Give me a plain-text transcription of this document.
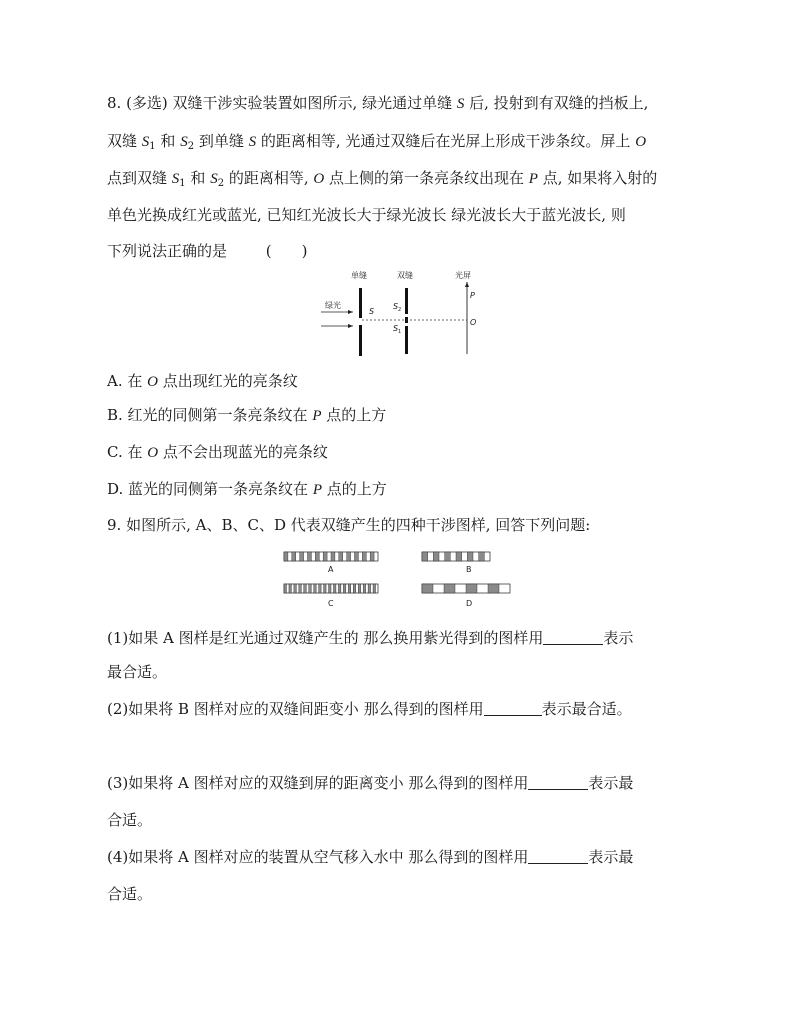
8. (多选) 双缝干涉实验装置如图所示, 绿光通过单缝 S 后, 投射到有双缝的挡板上,
双缝 $S_1$ 和 $S_2$ 到单缝 S 的距离相等, 光通过双缝后在光屏上形成干涉条纹。屏上 O
点到双缝 $S_1$ 和 $S_2$ 的距离相等, O 点上侧的第一条亮条纹出现在 P 点, 如果将入射的
单色光换成红光或蓝光, 已知红光波长大于绿光波长 绿光波长大于蓝光波长, 则
下列说法正确的是	(　　)
单缝	双缝	光屏
绿光
S
S 2
S 1
P
O
A. 在 O 点出现红光的亮条纹
B. 红光的同侧第一条亮条纹在 P 点的上方
C. 在 O 点不会出现蓝光的亮条纹
D. 蓝光的同侧第一条亮条纹在 P 点的上方
9. 如图所示, A、B、C、D 代表双缝产生的四种干涉图样, 回答下列问题:
A	B
C	D
(1)如果 A 图样是红光通过双缝产生的 那么换用紫光得到的图样用	表示
最合适。
(2)如果将 B 图样对应的双缝间距变小 那么得到的图样用	表示最合适。
(3)如果将 A 图样对应的双缝到屏的距离变小 那么得到的图样用	表示最
合适。
(4)如果将 A 图样对应的装置从空气移入水中 那么得到的图样用	表示最
合适。
